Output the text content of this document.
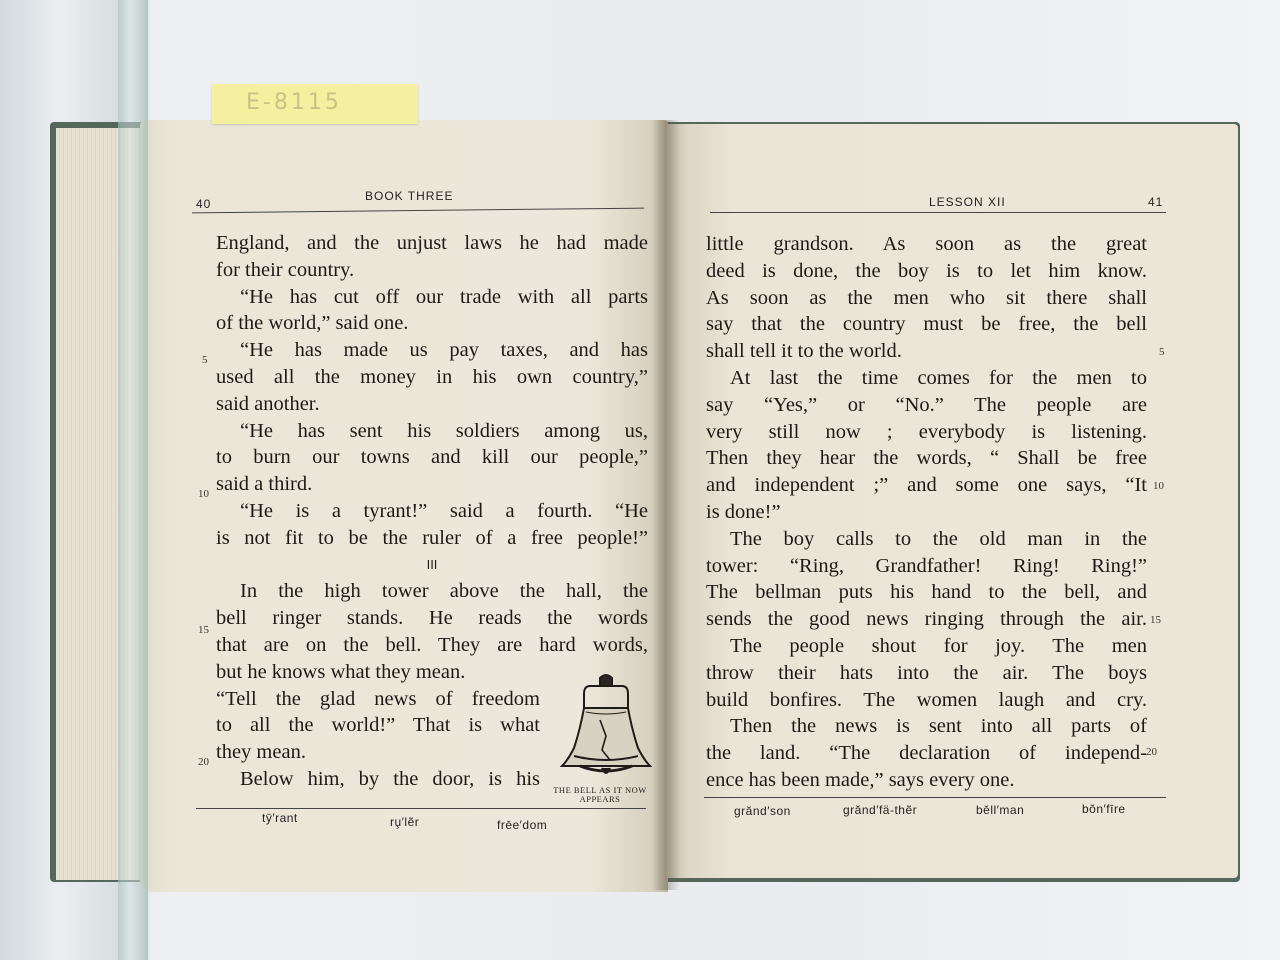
E-8115
40
BOOK THREE	LESSON XII	41
England, and the unjust laws he had made
for their country.
“He has cut off our trade with all parts
of the world,” said one.
“He has made us pay taxes, and has
used all the money in his own country,”
said another.
“He has sent his soldiers among us,
to burn our towns and kill our people,”
said a third.
“He is a tyrant!” said a fourth. “He
is not fit to be the ruler of a free people!”
III
In the high tower above the hall, the
bell ringer stands. He reads the words
that are on the bell. They are hard words,
but he knows what they mean.
“Tell the glad news of freedom
to all the world!” That is what
they mean.
Below him, by the door, is his
5
10
15
20
THE BELL AS IT NOW APPEARS
tȳ′rant	ru̧′lẽr	frēe′dom
little grandson. As soon as the great
deed is done, the boy is to let him know.
As soon as the men who sit there shall
say that the country must be free, the bell
shall tell it to the world.
At last the time comes for the men to
say “Yes,” or “No.” The people are
very still now ; everybody is listening.
Then they hear the words, “ Shall be free
and independent ;” and some one says, “It
is done!”
The boy calls to the old man in the
tower: “Ring, Grandfather! Ring! Ring!”
The bellman puts his hand to the bell, and
sends the good news ringing through the air.
The people shout for joy. The men
throw their hats into the air. The boys
build bonfires. The women laugh and cry.
Then the news is sent into all parts of
the land. “The declaration of independ-
ence has been made,” says every one.
5
10
15
20
grănd′son	grănd′fä-thẽr	bĕll′man	bŏn′fīre
